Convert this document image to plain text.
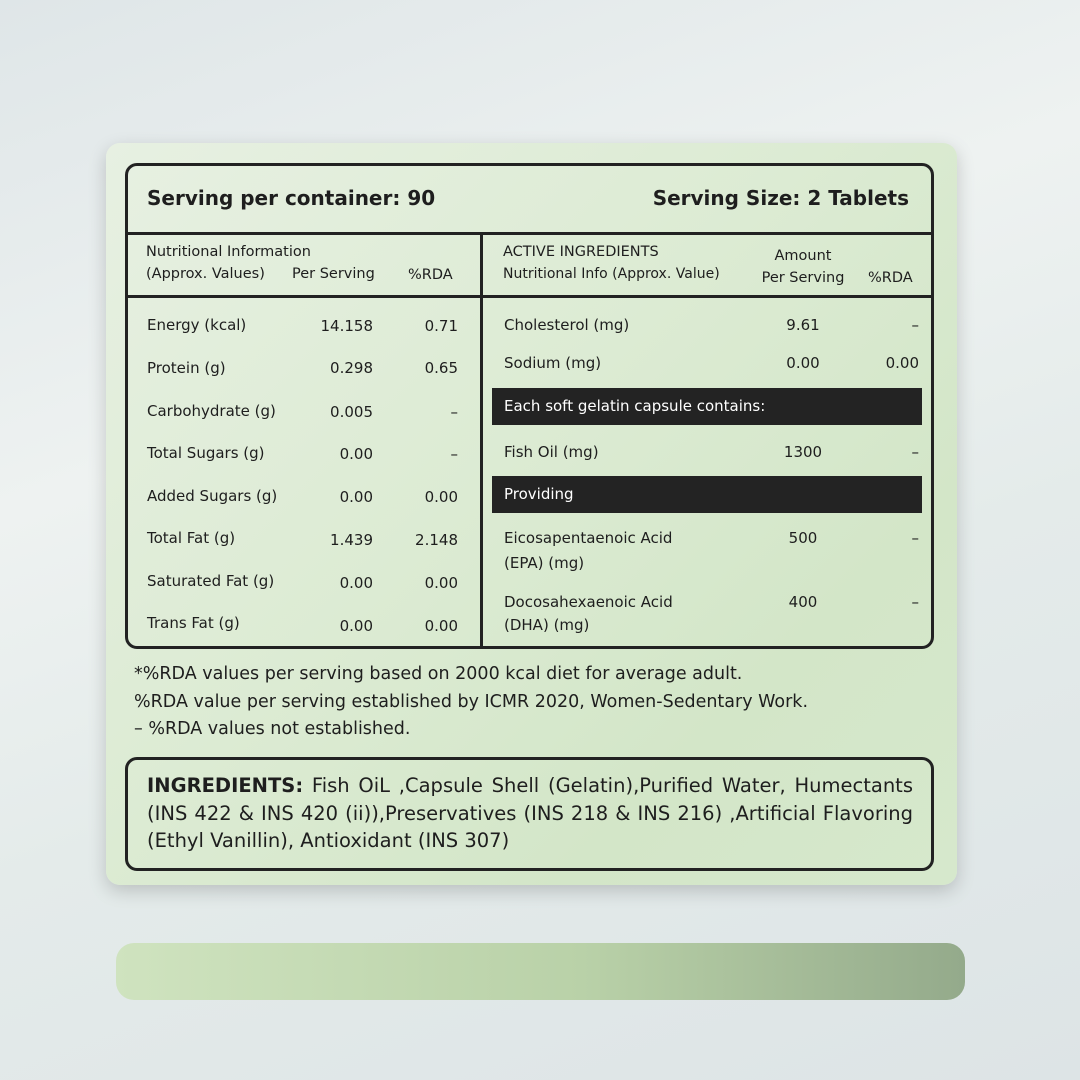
Serving per container: 90	Serving Size: 2 Tablets
Nutritional Information
(Approx. Values) Per Serving %RDA
Energy (kcal)	14.158	0.71
Protein (g)	0.298	0.65
Carbohydrate (g)	0.005	–
Total Sugars (g)	0.00	–
Added Sugars (g)	0.00	0.00
Total Fat (g)	1.439	2.148
Saturated Fat (g)	0.00	0.00
Trans Fat (g)	0.00	0.00
ACTIVE INGREDIENTS
Nutritional Info (Approx. Value)
Amount
Per Serving	%RDA
Cholesterol (mg)	9.61	–
Sodium (mg)	0.00	0.00
Each soft gelatin capsule contains:
Fish Oil (mg)	1300	–
Providing
Eicosapentaenoic Acid
(EPA) (mg)
500	–
Docosahexaenoic Acid
(DHA) (mg)
400	–
*%RDA values per serving based on 2000 kcal diet for average adult.
%RDA value per serving established by ICMR 2020, Women-Sedentary Work.
– %RDA values not established.
INGREDIENTS: Fish OiL ,Capsule Shell (Gelatin),Purified Water, Humectants (INS 422 & INS 420 (ii)),Preservatives (INS 218 & INS 216) ,Artificial Flavoring (Ethyl Vanillin), Antioxidant (INS 307)
